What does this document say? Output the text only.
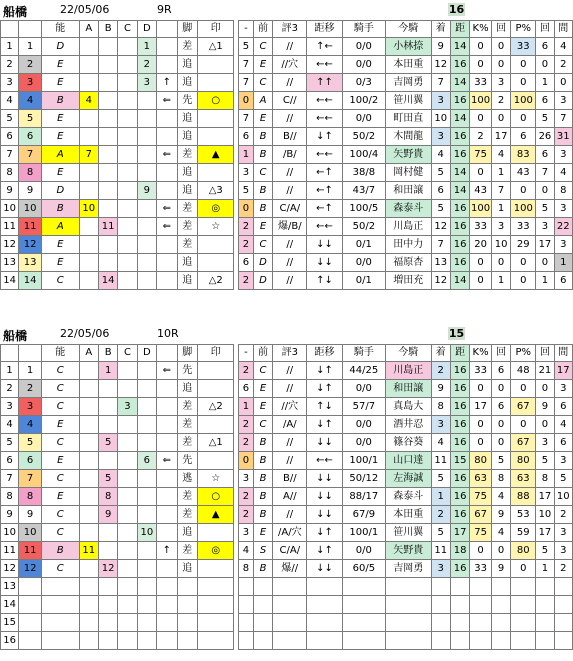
船橋	22/05/06	9R	16
		能	A	B	C	D		脚	印		-	前	評3	距移	騎手	今騎	着	距	K%	回	P%	回	間
1	1	D				1		差	△1		5	C	//	↑←	0/0	小林捺	9	14	0	0	33	6	4
2	2	E				2		追			7	E	//穴	←←	0/0	本田重	12	16	0	0	0	0	2
3	3	E				3	↑	追			7	C	//	↑↑	0/3	吉岡勇	7	14	33	3	0	1	0
4	4	B	4				⇐	先	○		0	A	C//	←←	100/2	笹川翼	3	16	100	2	100	6	3
5	5	E						追			7	E	//	←←	0/0	町田直	10	14	0	0	0	5	7
6	6	E						追			6	B	B//	↓↑	50/2	木間龍	3	16	2	17	6	26	31
7	7	A	7				⇐	差	▲		1	B	/B/	←←	100/4	矢野貴	4	16	75	4	83	6	3
8	8	E						追			3	C	//	←↑	38/8	岡村健	5	14	0	1	43	7	4
9	9	D				9		追	△3		5	B	//	←↑	43/7	和田譲	6	14	43	7	0	0	8
10	10	B	10				⇐	差	◎		0	B	C/A/	←↑	100/5	森泰斗	5	16	100	1	100	5	3
11	11	A		11			⇐	差	☆		2	E	爆/B/	←←	50/2	川島正	12	16	33	3	33	3	22
12	12	E						差			2	C	//	↓↓	0/1	田中力	7	16	20	10	29	17	3
13	13	E						追			6	D	//	↓↓	0/0	福原杏	13	16	0	0	0	0	1
14	14	C		14				追	△2		2	D	//	↑↓	0/1	増田充	12	14	0	1	0	1	6
船橋	22/05/06	10R	15
		能	A	B	C	D		脚	印		-	前	評3	距移	騎手	今騎	着	距	K%	回	P%	回	間
1	1	C		1			⇐	先			2	C	//	↓↑	44/25	川島正	2	16	33	6	48	21	17
2	2	C						追			6	E	//	↓↑	0/0	和田譲	9	16	0	0	0	0	3
3	3	C			3			差	△2		1	E	//穴	↑↓	57/7	真島大	8	16	17	6	67	9	6
4	4	E						差			2	C	/A/	↓↑	0/0	酒井忍	3	16	0	0	0	0	4
5	5	C		5				差	△1		2	B	//	↓↓	0/0	篠谷葵	4	16	0	0	67	3	6
6	6	E				6	⇐	先			0	B	//	←←	100/1	山口達	11	15	80	5	80	5	3
7	7	C		5				逃	☆		3	B	B//	↓↓	50/12	左海誠	5	16	63	8	63	8	5
8	8	E		8				差	○		2	B	A//	↓↓	88/17	森泰斗	1	16	75	4	88	17	10
9	9	C		9				差	▲		2	B	//	↓↓	67/9	本田重	2	16	67	9	53	10	2
10	10	C				10		追			3	E	/A/穴	↓↑	100/1	笹川翼	5	17	75	4	59	17	3
11	11	B	11				↑	差	◎		4	S	C/A/	↓↑	0/0	矢野貴	11	18	0	0	80	5	3
12	12	C		12				追			8	B	爆//	↓↓	60/5	吉岡勇	3	16	33	9	0	1	2
13																							
14																							
15																							
16																							
